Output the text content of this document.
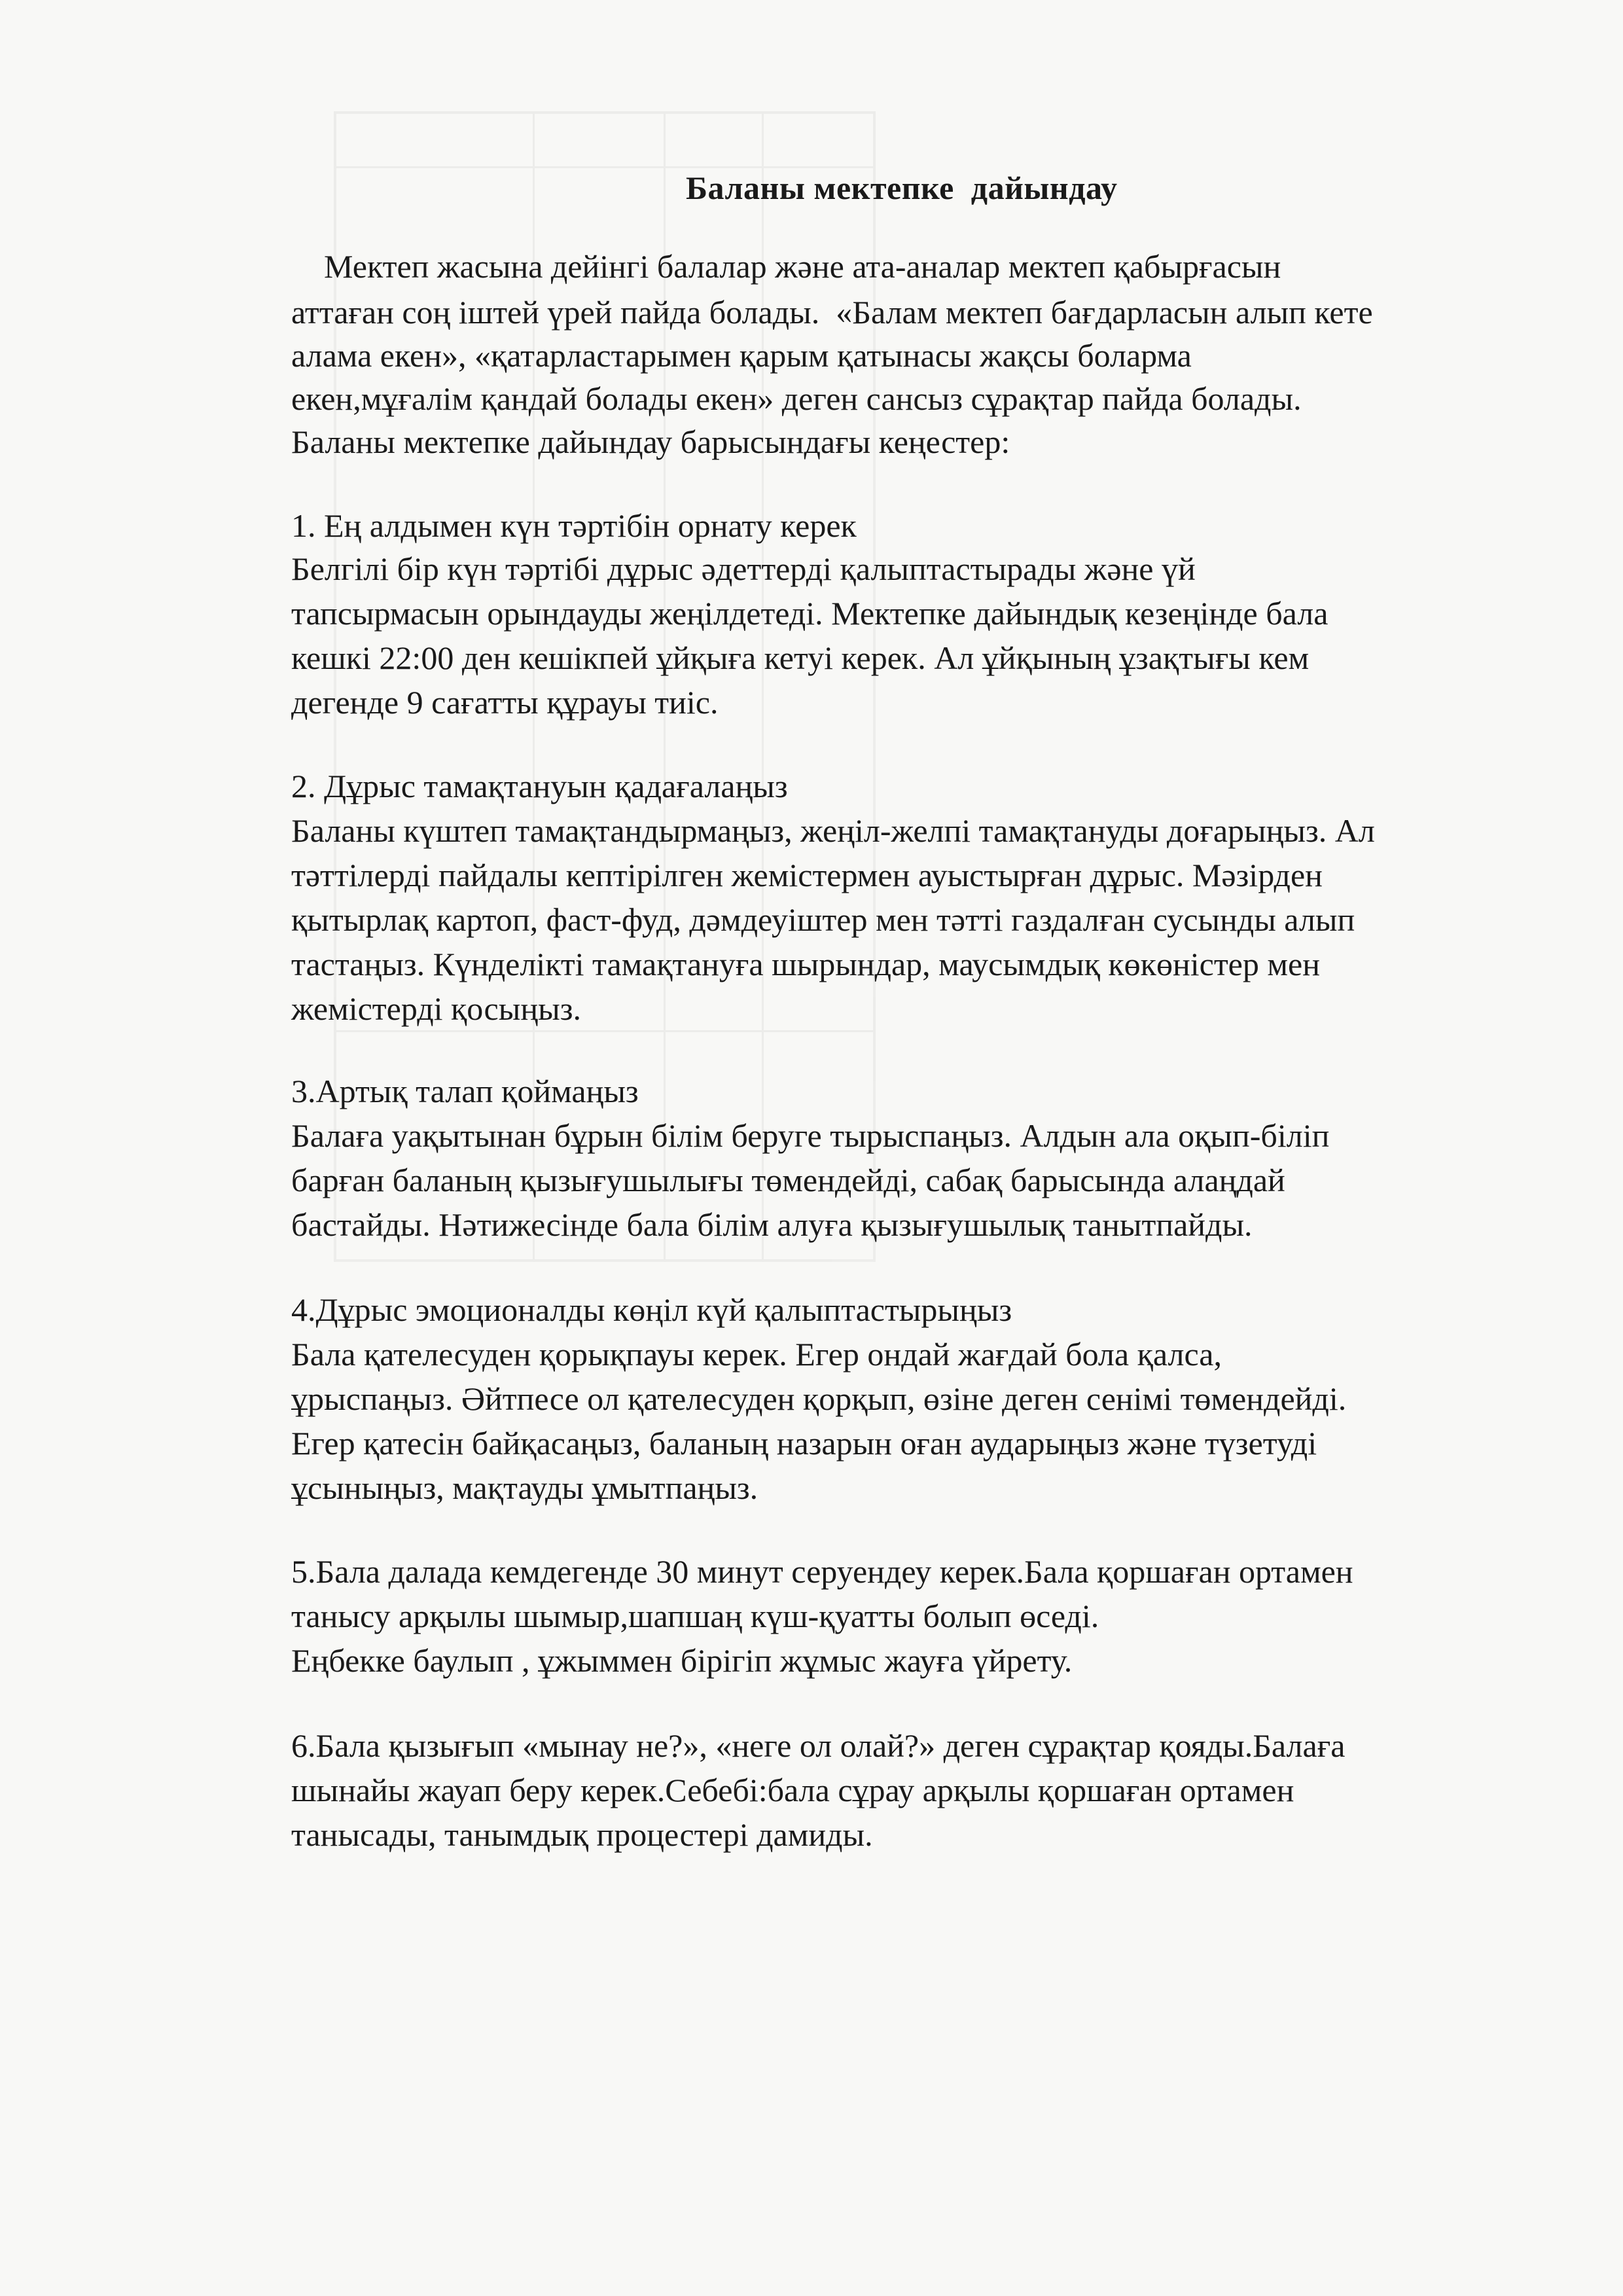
Баланы мектепке  дайындау
Мектеп жасына дейінгі балалар және ата-аналар мектеп қабырғасын
аттаған соң іштей үрей пайда болады.  «Балам мектеп бағдарласын алып кете
алама екен», «қатарластарымен қарым қатынасы жақсы боларма
екен,мұғалім қандай болады екен» деген сансыз сұрақтар пайда болады.
Баланы мектепке дайындау барысындағы кеңестер:
1. Ең алдымен күн тәртібін орнату керек
Белгілі бір күн тәртібі дұрыс әдеттерді қалыптастырады және үй
тапсырмасын орындауды жеңілдетеді. Мектепке дайындық кезеңінде бала
кешкі 22:00 ден кешікпей ұйқыға кетуі керек. Ал ұйқының ұзақтығы кем
дегенде 9 сағатты құрауы тиіс.
2. Дұрыс тамақтануын қадағалаңыз
Баланы күштеп тамақтандырмаңыз, жеңіл-желпі тамақтануды доғарыңыз. Ал
тәттілерді пайдалы кептірілген жемістермен ауыстырған дұрыс. Мәзірден
қытырлақ картоп, фаст-фуд, дәмдеуіштер мен тәтті газдалған сусынды алып
тастаңыз. Күнделікті тамақтануға шырындар, маусымдық көкөністер мен
жемістерді қосыңыз.
3.Артық талап қоймаңыз
Балаға уақытынан бұрын білім беруге тырыспаңыз. Алдын ала оқып-біліп
барған баланың қызығушылығы төмендейді, сабақ барысында алаңдай
бастайды. Нәтижесінде бала білім алуға қызығушылық танытпайды.
4.Дұрыс эмоционалды көңіл күй қалыптастырыңыз
Бала қателесуден қорықпауы керек. Егер ондай жағдай бола қалса,
ұрыспаңыз. Әйтпесе ол қателесуден қорқып, өзіне деген сенімі төмендейді.
Егер қатесін байқасаңыз, баланың назарын оған аударыңыз және түзетуді
ұсыныңыз, мақтауды ұмытпаңыз.
5.Бала далада кемдегенде 30 минут серуендеу керек.Бала қоршаған ортамен
танысу арқылы шымыр,шапшаң күш-қуатты болып өседі.
Еңбекке баулып , ұжыммен бірігіп жұмыс жауға үйрету.
6.Бала қызығып «мынау не?», «неге ол олай?» деген сұрақтар қояды.Балаға
шынайы жауап беру керек.Себебі:бала сұрау арқылы қоршаған ортамен
танысады, танымдық процестері дамиды.
